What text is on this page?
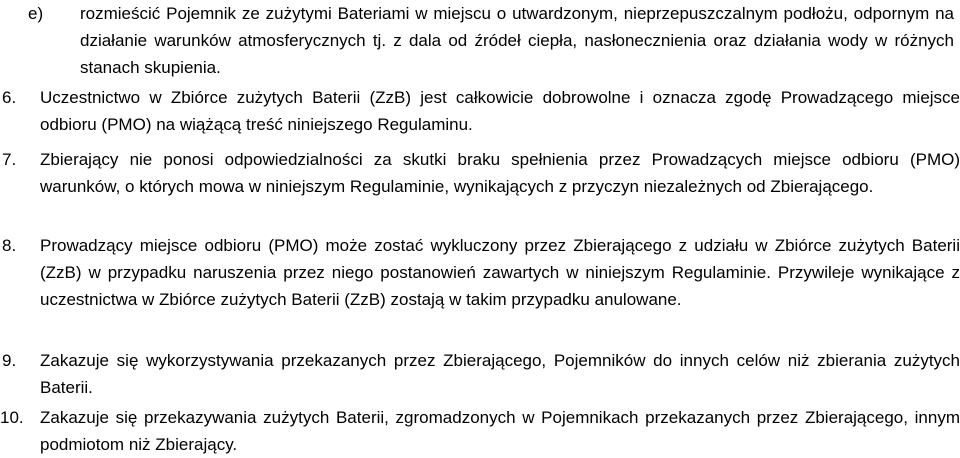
e) rozmieścić Pojemnik ze zużytymi Bateriami w miejscu o utwardzonym, nieprzepuszczalnym podłożu, odpornym na działanie warunków atmosferycznych tj. z dala od źródeł ciepła, nasłonecznienia oraz działania wody w różnych stanach skupienia.

6. Uczestnictwo w Zbiórce zużytych Baterii (ZzB) jest całkowicie dobrowolne i oznacza zgodę Prowadzącego miejsce odbioru (PMO) na wiążącą treść niniejszego Regulaminu.

7. Zbierający nie ponosi odpowiedzialności za skutki braku spełnienia przez Prowadzących miejsce odbioru (PMO) warunków, o których mowa w niniejszym Regulaminie, wynikających z przyczyn niezależnych od Zbierającego.

8. Prowadzący miejsce odbioru (PMO) może zostać wykluczony przez Zbierającego z udziału w Zbiórce zużytych Baterii (ZzB) w przypadku naruszenia przez niego postanowień zawartych w niniejszym Regulaminie. Przywileje wynikające z uczestnictwa w Zbiórce zużytych Baterii (ZzB) zostają w takim przypadku anulowane.

9. Zakazuje się wykorzystywania przekazanych przez Zbierającego, Pojemników do innych celów niż zbierania zużytych Baterii.

10. Zakazuje się przekazywania zużytych Baterii, zgromadzonych w Pojemnikach przekazanych przez Zbierającego, innym podmiotom niż Zbierający.
